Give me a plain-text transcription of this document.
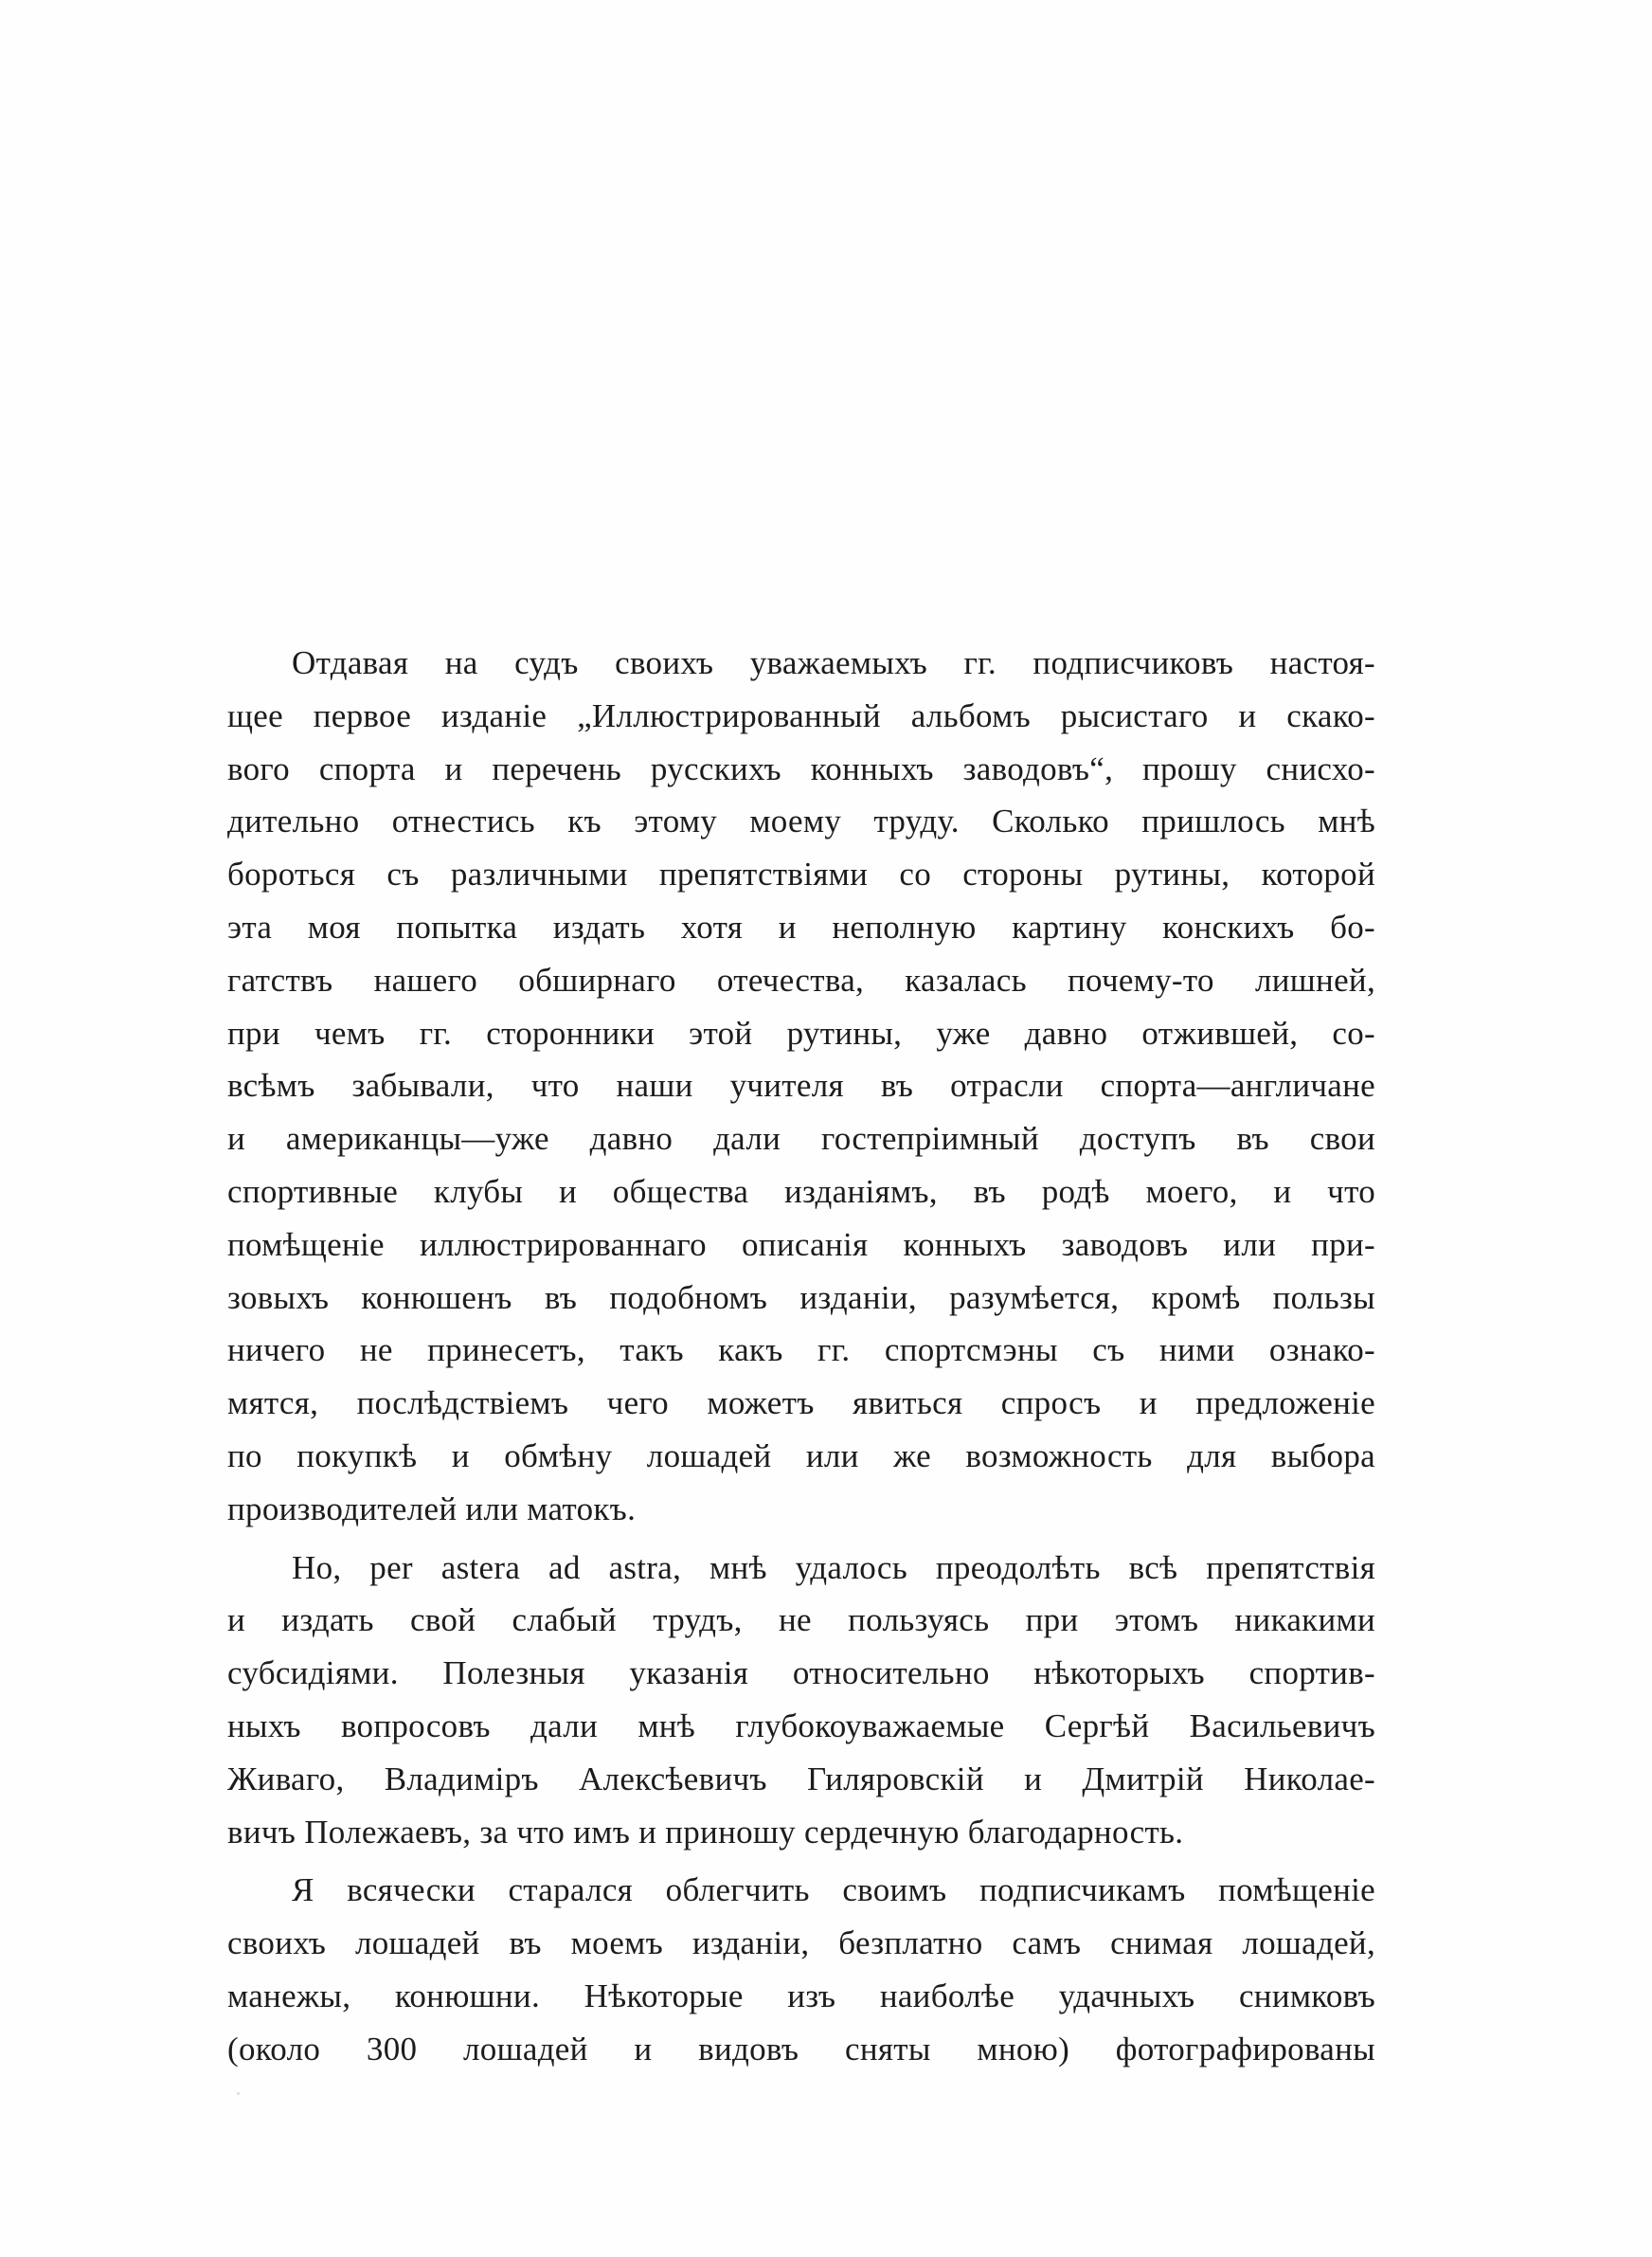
Отдавая на судъ своихъ уважаемыхъ гг. подписчиковъ настоя-
щее первое изданіе „Иллюстрированный альбомъ рысистаго и скако-
вого спорта и перечень русскихъ конныхъ заводовъ“, прошу снисхо-
дительно отнестись къ этому моему труду. Сколько пришлось мнѣ
бороться съ различными препятствіями со стороны рутины, которой
эта моя попытка издать хотя и неполную картину конскихъ бо-
гатствъ нашего обширнаго отечества, казалась почему-то лишней,
при чемъ гг. сторонники этой рутины, уже давно отжившей, со-
всѣмъ забывали, что наши учителя въ отрасли спорта—англичане
и американцы—уже давно дали гостепріимный доступъ въ свои
спортивные клубы и общества изданіямъ, въ родѣ моего, и что
помѣщеніе иллюстрированнаго описанія конныхъ заводовъ или при-
зовыхъ конюшенъ въ подобномъ изданіи, разумѣется, кромѣ пользы
ничего не принесетъ, такъ какъ гг. спортсмэны съ ними ознако-
мятся, послѣдствіемъ чего можетъ явиться спросъ и предложеніе
по покупкѣ и обмѣну лошадей или же возможность для выбора
производителей или матокъ.
Но, per astera ad astra, мнѣ удалось преодолѣть всѣ препятствія
и издать свой слабый трудъ, не пользуясь при этомъ никакими
субсидіями. Полезныя указанія относительно нѣкоторыхъ спортив-
ныхъ вопросовъ дали мнѣ глубокоуважаемые Сергѣй Васильевичъ
Живаго, Владиміръ Алексѣевичъ Гиляровскій и Дмитрій Николае-
вичъ Полежаевъ, за что имъ и приношу сердечную благодарность.
Я всячески старался облегчить своимъ подписчикамъ помѣщеніе
своихъ лошадей въ моемъ изданіи, безплатно самъ снимая лошадей,
манежы, конюшни. Нѣкоторые изъ наиболѣе удачныхъ снимковъ
(около 300 лошадей и видовъ сняты мною) фотографированы
